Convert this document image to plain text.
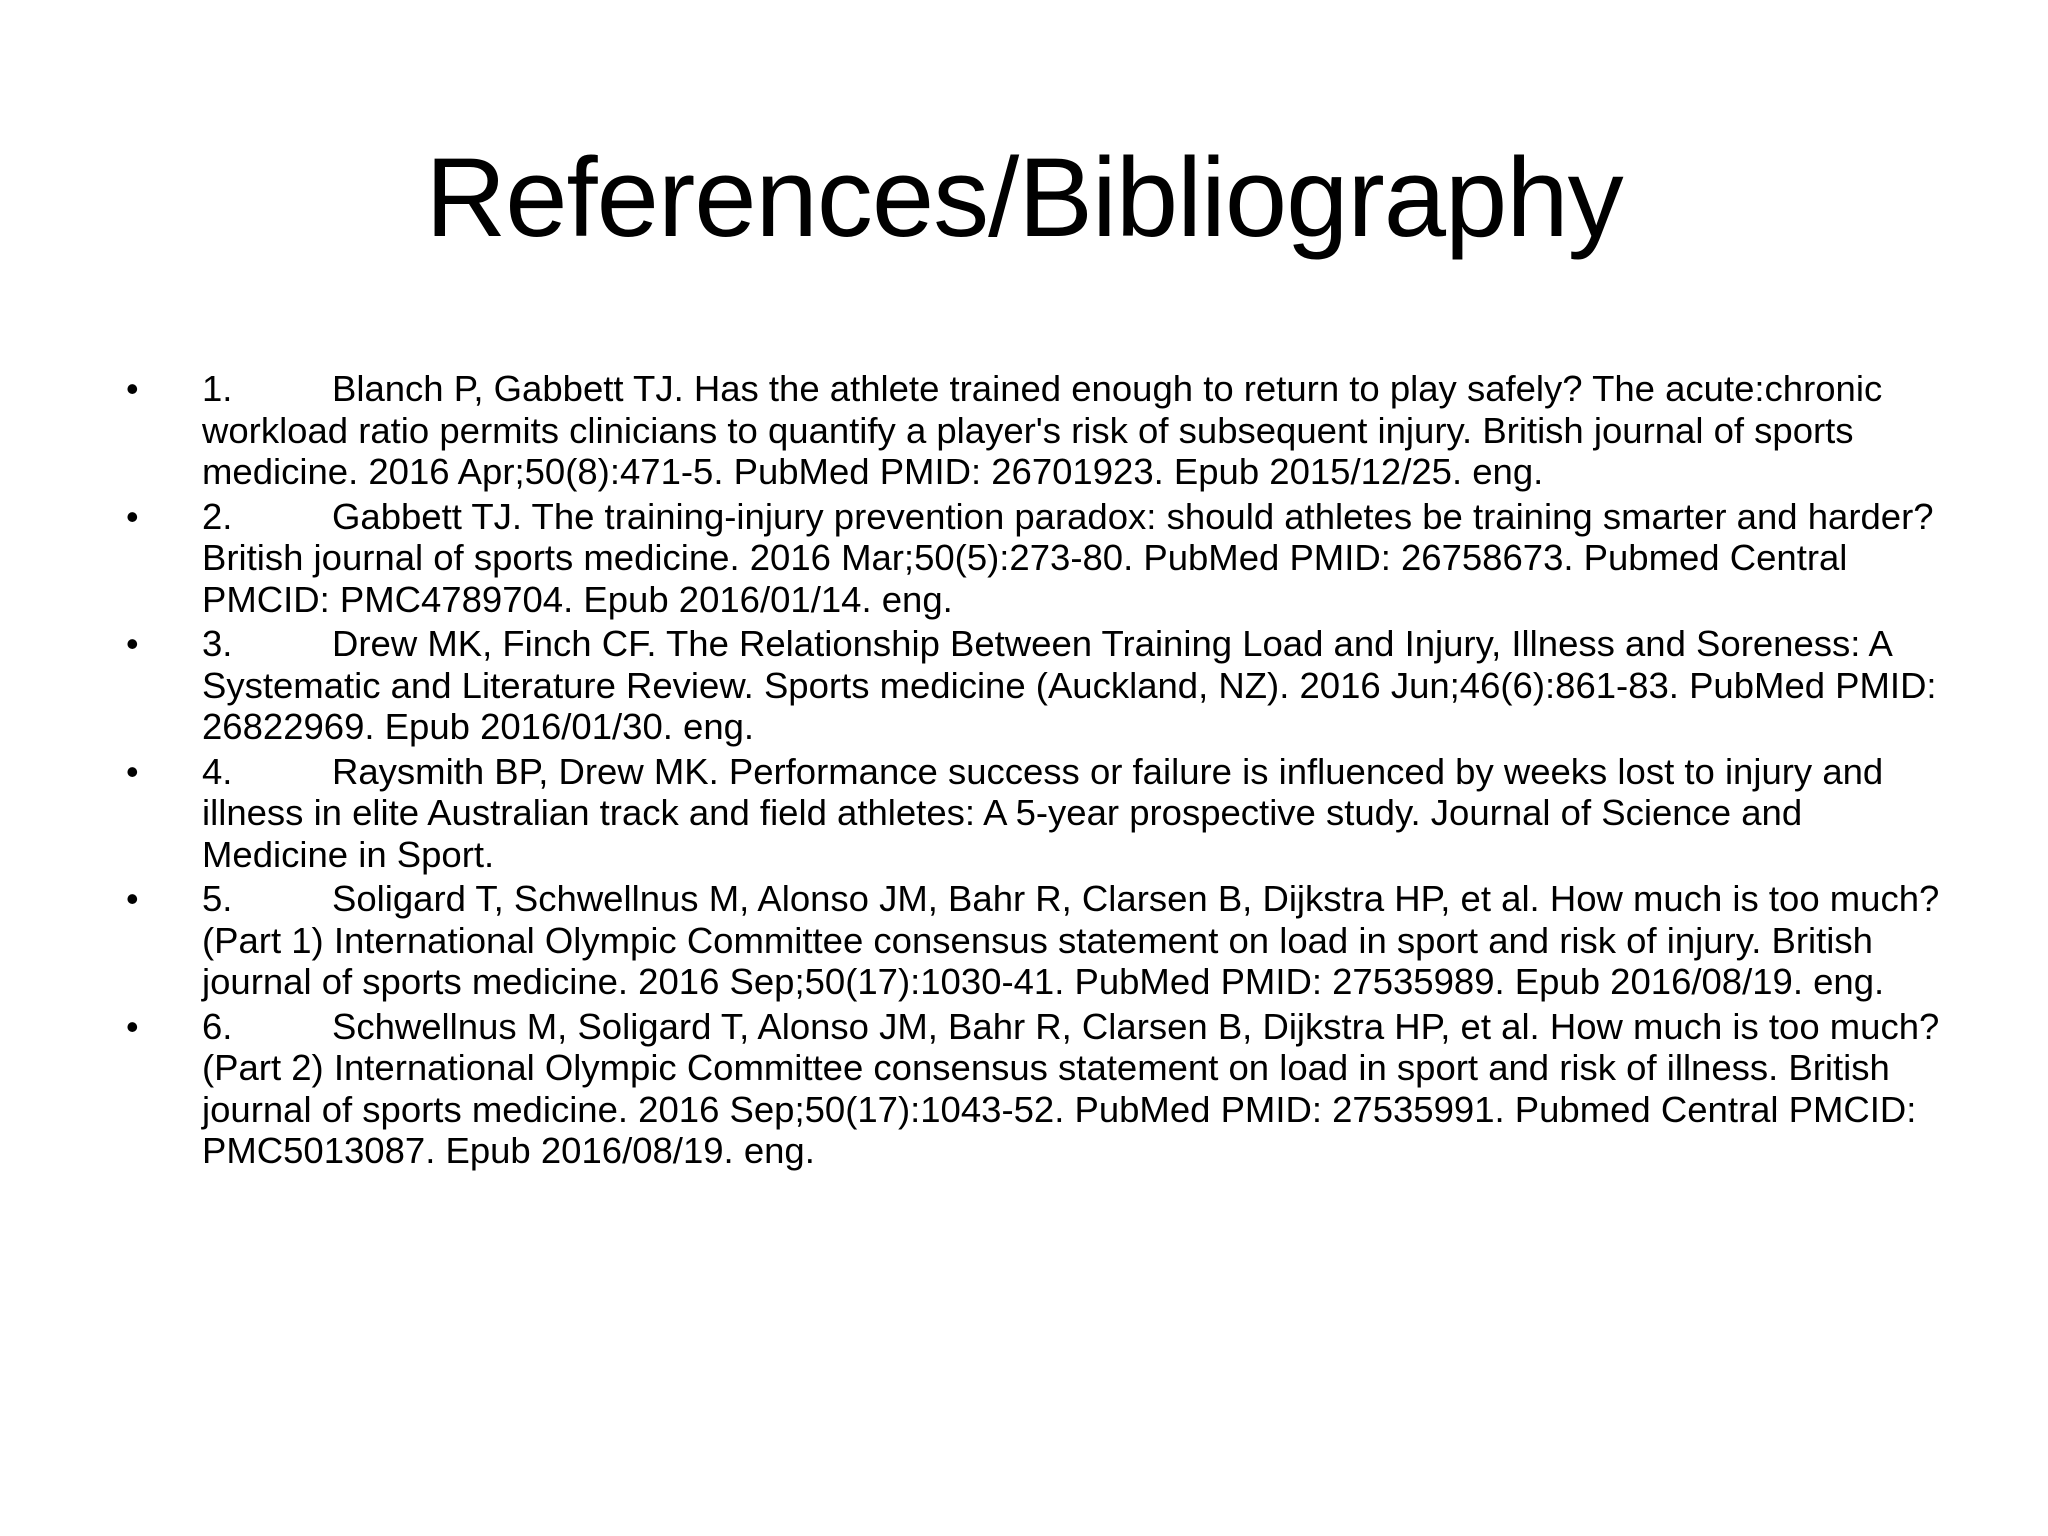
References/Bibliography
• 1.	Blanch P, Gabbett TJ. Has the athlete trained enough to return to play safely? The acute:chronic workload ratio permits clinicians to quantify a player's risk of subsequent injury. British journal of sports medicine. 2016 Apr;50(8):471-5. PubMed PMID: 26701923. Epub 2015/12/25. eng.
• 2.	Gabbett TJ. The training-injury prevention paradox: should athletes be training smarter and harder? British journal of sports medicine. 2016 Mar;50(5):273-80. PubMed PMID: 26758673. Pubmed Central PMCID: PMC4789704. Epub 2016/01/14. eng.
• 3.	Drew MK, Finch CF. The Relationship Between Training Load and Injury, Illness and Soreness: A Systematic and Literature Review. Sports medicine (Auckland, NZ). 2016 Jun;46(6):861-83. PubMed PMID: 26822969. Epub 2016/01/30. eng.
• 4.	Raysmith BP, Drew MK. Performance success or failure is influenced by weeks lost to injury and illness in elite Australian track and field athletes: A 5-year prospective study. Journal of Science and Medicine in Sport.
• 5.	Soligard T, Schwellnus M, Alonso JM, Bahr R, Clarsen B, Dijkstra HP, et al. How much is too much? (Part 1) International Olympic Committee consensus statement on load in sport and risk of injury. British journal of sports medicine. 2016 Sep;50(17):1030-41. PubMed PMID: 27535989. Epub 2016/08/19. eng.
• 6.	Schwellnus M, Soligard T, Alonso JM, Bahr R, Clarsen B, Dijkstra HP, et al. How much is too much? (Part 2) International Olympic Committee consensus statement on load in sport and risk of illness. British journal of sports medicine. 2016 Sep;50(17):1043-52. PubMed PMID: 27535991. Pubmed Central PMCID: PMC5013087. Epub 2016/08/19. eng.
